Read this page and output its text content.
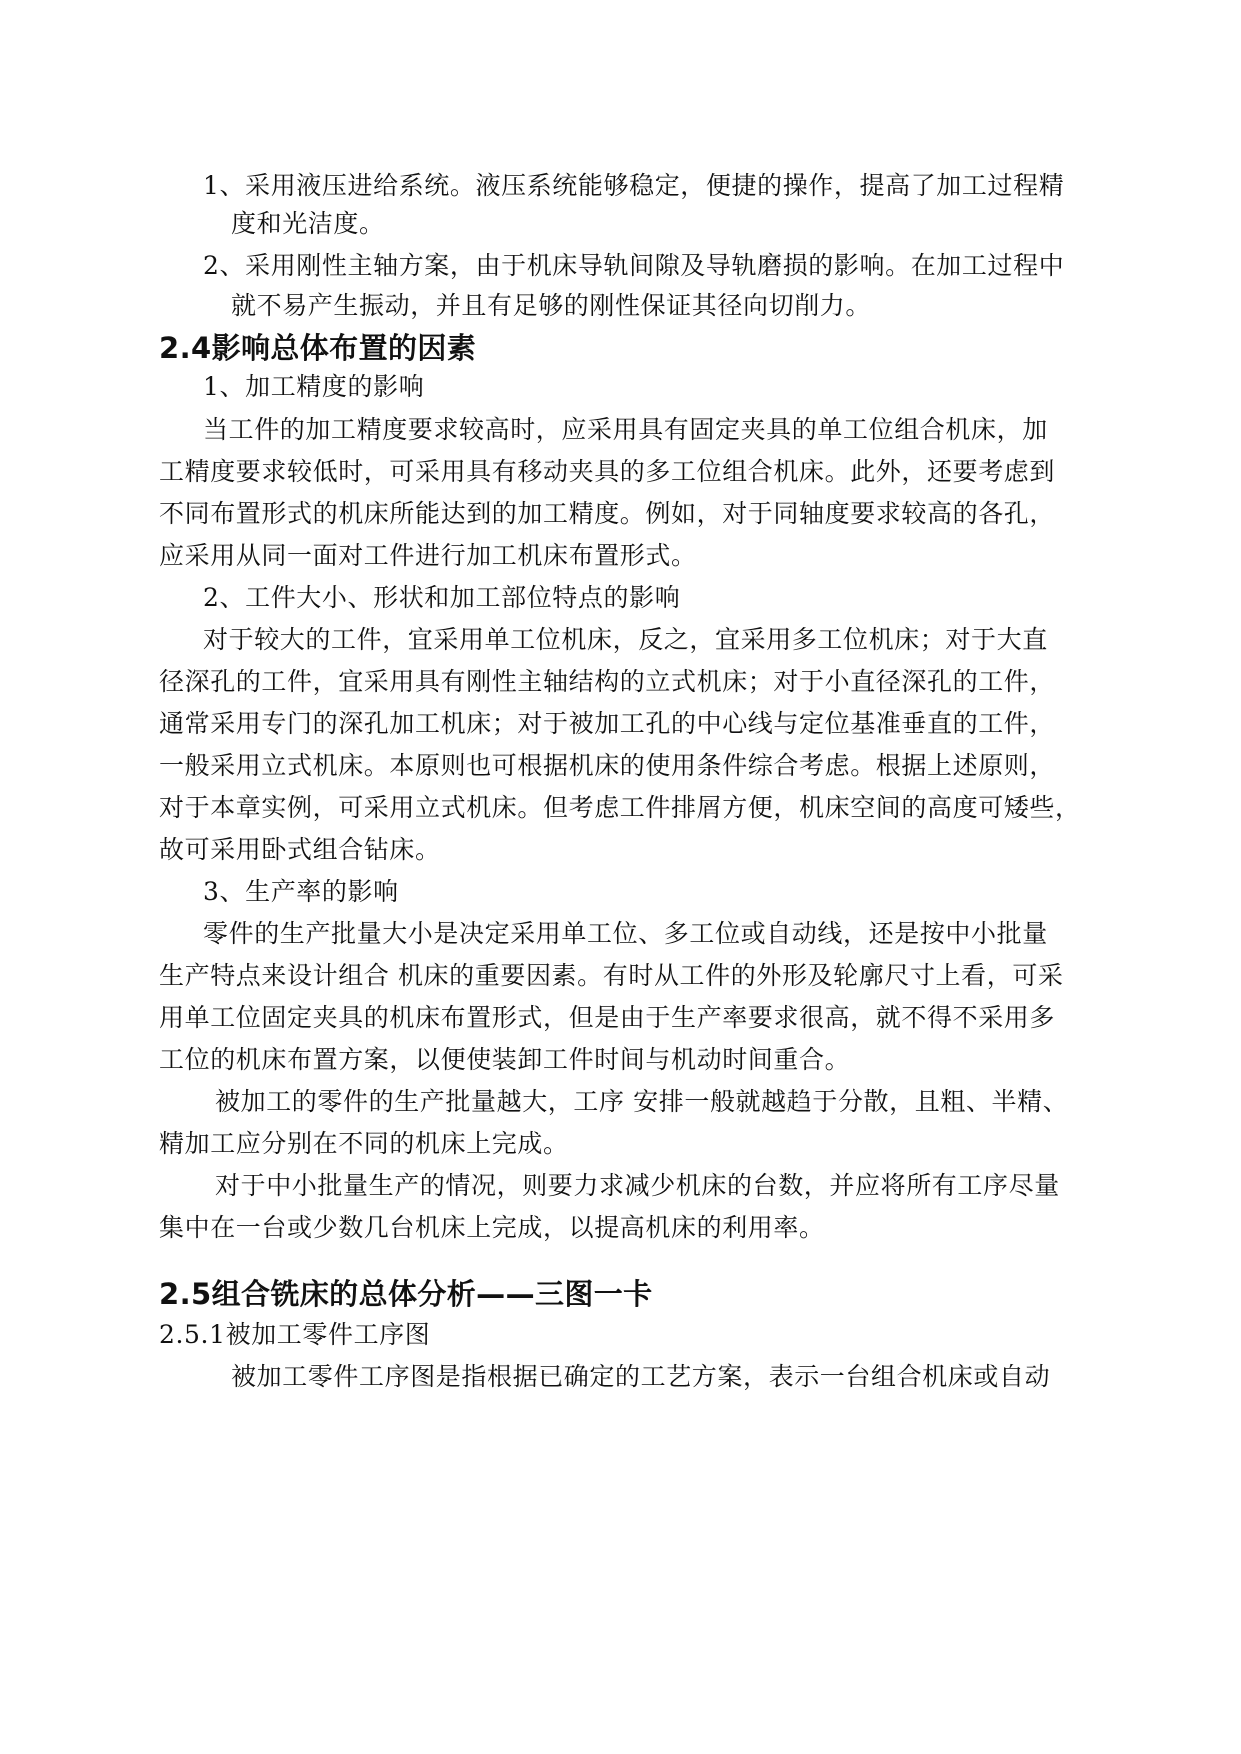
1、采用液压进给系统。液压系统能够稳定，便捷的操作，提高了加工过程精
度和光洁度。
2、采用刚性主轴方案，由于机床导轨间隙及导轨磨损的影响。在加工过程中
就不易产生振动，并且有足够的刚性保证其径向切削力。
2.4影响总体布置的因素
1、加工精度的影响
当工件的加工精度要求较高时，应采用具有固定夹具的单工位组合机床，加
工精度要求较低时，可采用具有移动夹具的多工位组合机床。此外，还要考虑到
不同布置形式的机床所能达到的加工精度。例如，对于同轴度要求较高的各孔，
应采用从同一面对工件进行加工机床布置形式。
2、工件大小、形状和加工部位特点的影响
对于较大的工件，宜采用单工位机床，反之，宜采用多工位机床；对于大直
径深孔的工件，宜采用具有刚性主轴结构的立式机床；对于小直径深孔的工件，
通常采用专门的深孔加工机床；对于被加工孔的中心线与定位基准垂直的工件，
一般采用立式机床。本原则也可根据机床的使用条件综合考虑。根据上述原则，
对于本章实例，可采用立式机床。但考虑工件排屑方便，机床空间的高度可矮些，
故可采用卧式组合钻床。
3、生产率的影响
零件的生产批量大小是决定采用单工位、多工位或自动线，还是按中小批量
生产特点来设计组合 机床的重要因素。有时从工件的外形及轮廓尺寸上看，可采
用单工位固定夹具的机床布置形式，但是由于生产率要求很高，就不得不采用多
工位的机床布置方案，以便使装卸工件时间与机动时间重合。
被加工的零件的生产批量越大，工序 安排一般就越趋于分散，且粗、半精、
精加工应分别在不同的机床上完成。
对于中小批量生产的情况，则要力求减少机床的台数，并应将所有工序尽量
集中在一台或少数几台机床上完成，以提高机床的利用率。
2.5组合铣床的总体分析——三图一卡
2.5.1被加工零件工序图
被加工零件工序图是指根据已确定的工艺方案，表示一台组合机床或自动
